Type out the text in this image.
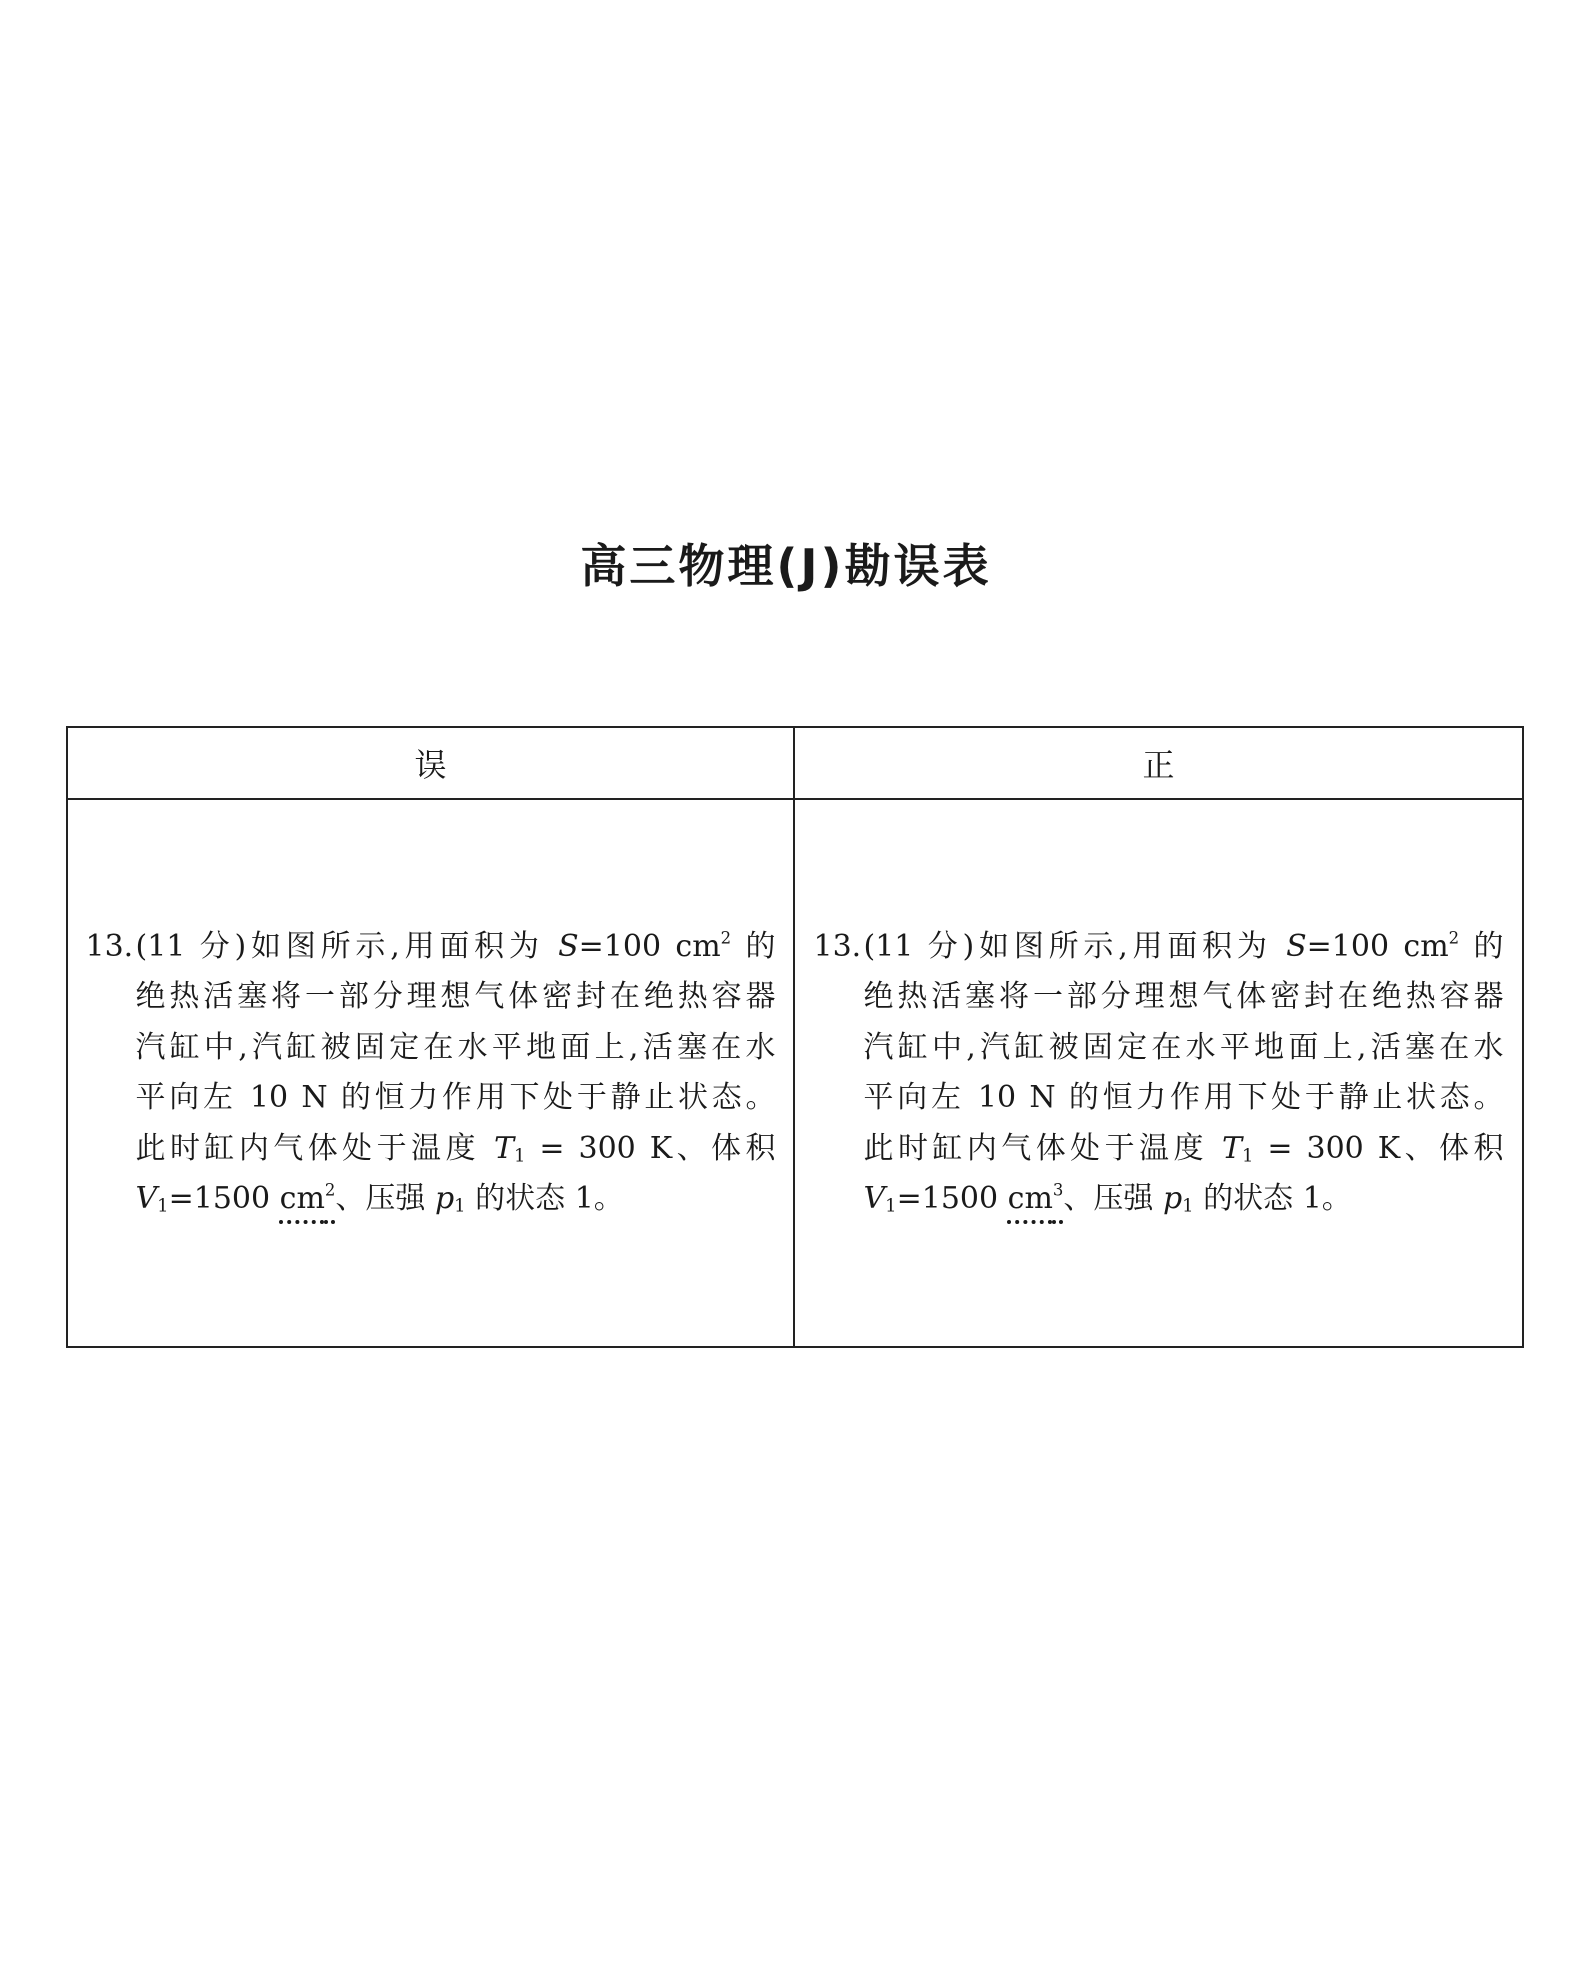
高三物理(J)勘误表
误	正
13. (11 分)如图所示,用面积为 S=100 $cm^2$ 的
绝热活塞将一部分理想气体密封在绝热容器
汽缸中,汽缸被固定在水平地面上,活塞在水
平向左 10 N 的恒力作用下处于静止状态。
此时缸内气体处于温度 $T_1 = 300$ K、体积
$V_1=1500$ $cm^2$、压强 $p_1$ 的状态 1。
13. (11 分)如图所示,用面积为 S=100 $cm^2$ 的
绝热活塞将一部分理想气体密封在绝热容器
汽缸中,汽缸被固定在水平地面上,活塞在水
平向左 10 N 的恒力作用下处于静止状态。
此时缸内气体处于温度 $T_1 = 300$ K、体积
$V_1=1500$ $cm^3$、压强 $p_1$ 的状态 1。
